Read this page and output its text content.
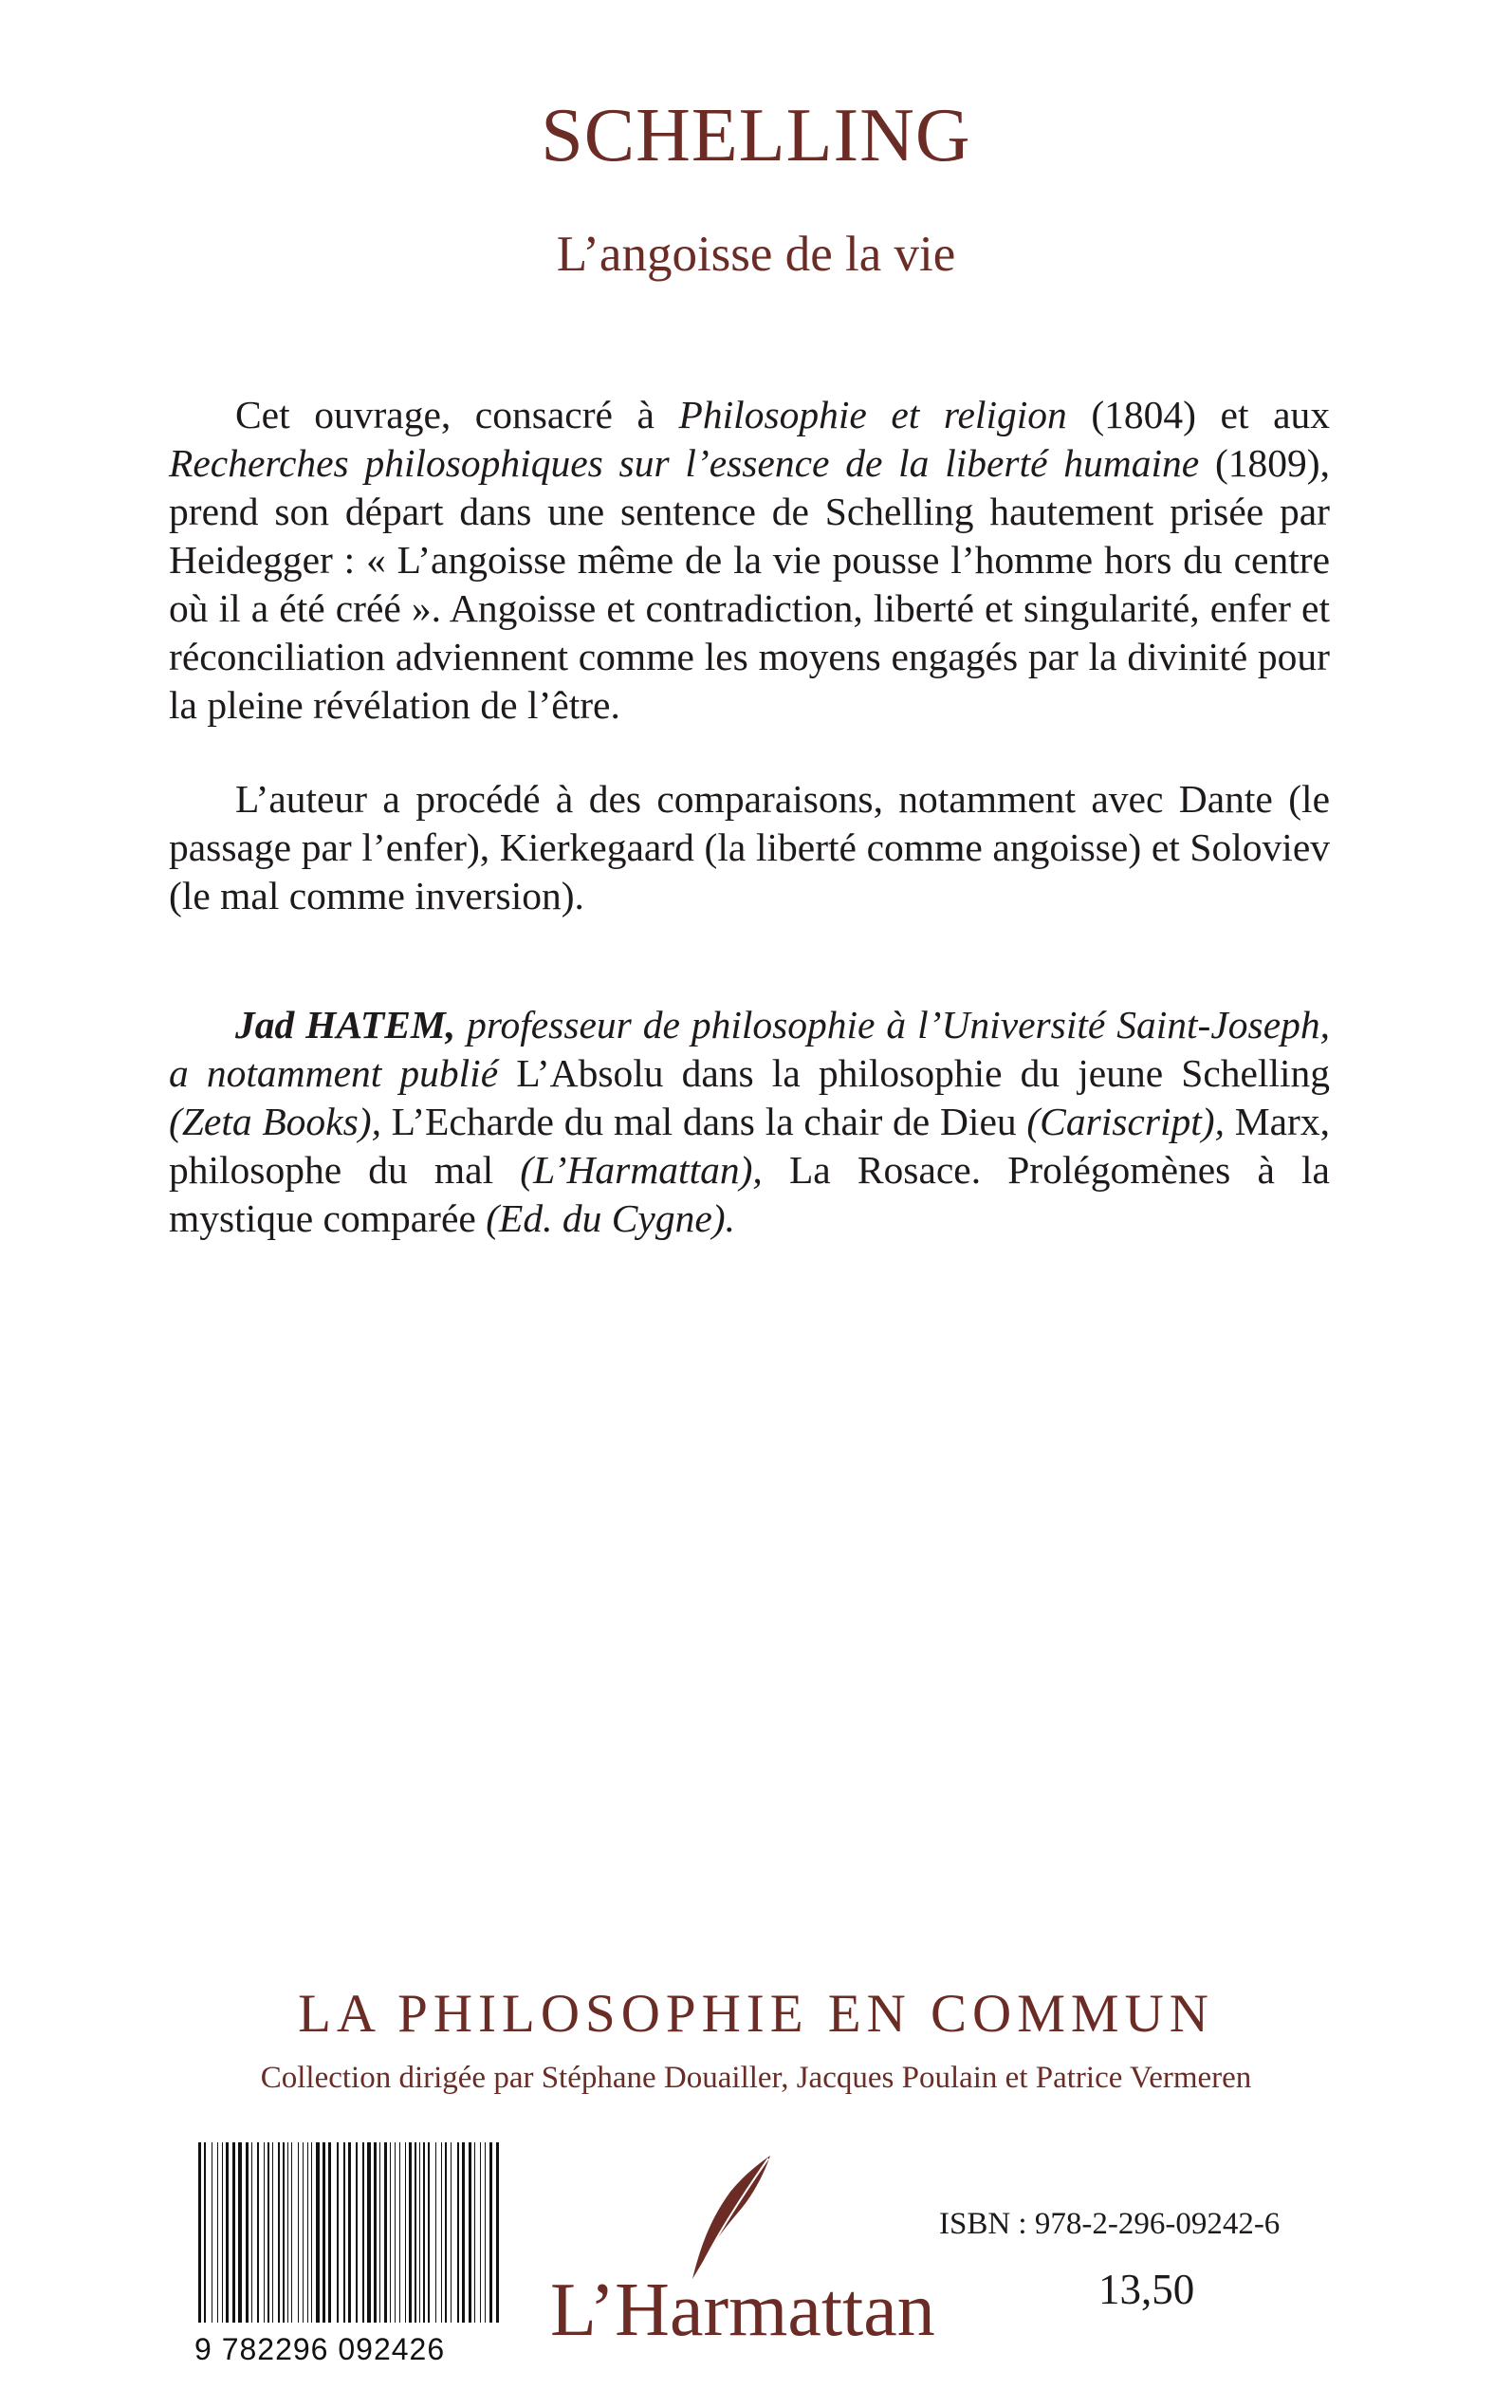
SCHELLING
L’angoisse de la vie

Cet ouvrage, consacré à Philosophie et religion (1804) et aux Recherches philosophiques sur l’essence de la liberté humaine (1809), prend son départ dans une sentence de Schelling hautement prisée par Heidegger : « L’angoisse même de la vie pousse l’homme hors du centre où il a été créé ». Angoisse et contradiction, liberté et singularité, enfer et réconciliation adviennent comme les moyens engagés par la divinité pour la pleine révélation de l’être.

L’auteur a procédé à des comparaisons, notamment avec Dante (le passage par l’enfer), Kierkegaard (la liberté comme angoisse) et Soloviev (le mal comme inversion).

Jad HATEM, professeur de philosophie à l’Université Saint-Joseph, a notamment publié L’Absolu dans la philosophie du jeune Schelling (Zeta Books), L’Echarde du mal dans la chair de Dieu (Cariscript), Marx, philosophe du mal (L’Harmattan), La Rosace. Prolégomènes à la mystique comparée (Ed. du Cygne).

LA PHILOSOPHIE EN COMMUN
Collection dirigée par Stéphane Douailler, Jacques Poulain et Patrice Vermeren
9 782296 092426	L’Harmattan
ISBN : 978-2-296-09242-6
13,50
